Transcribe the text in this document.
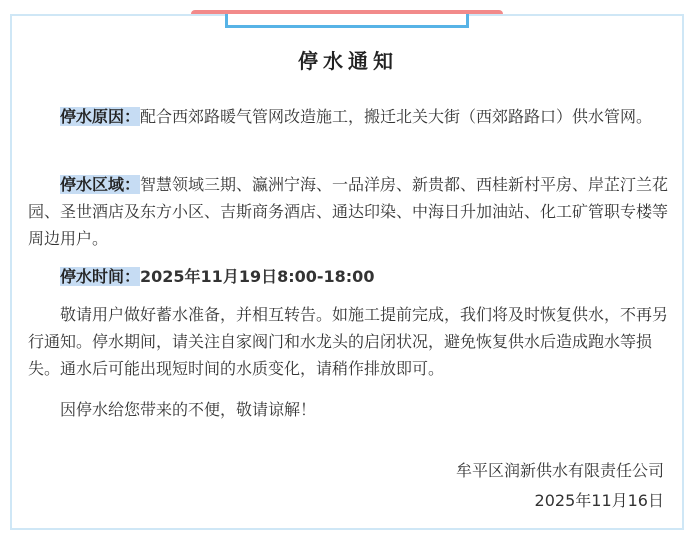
停水通知

停水原因：配合西郊路暖气管网改造施工，搬迁北关大街（西郊路路口）供水管网。

停水区域：智慧领域三期、瀛洲宁海、一品洋房、新贵都、西桂新村平房、岸芷汀兰花园、圣世酒店及东方小区、吉斯商务酒店、通达印染、中海日升加油站、化工矿管职专楼等周边用户。

停水时间：2025年11月19日8:00-18:00

敬请用户做好蓄水准备，并相互转告。如施工提前完成，我们将及时恢复供水，不再另行通知。停水期间，请关注自家阀门和水龙头的启闭状况，避免恢复供水后造成跑水等损失。通水后可能出现短时间的水质变化，请稍作排放即可。

因停水给您带来的不便，敬请谅解！

牟平区润新供水有限责任公司
2025年11月16日
